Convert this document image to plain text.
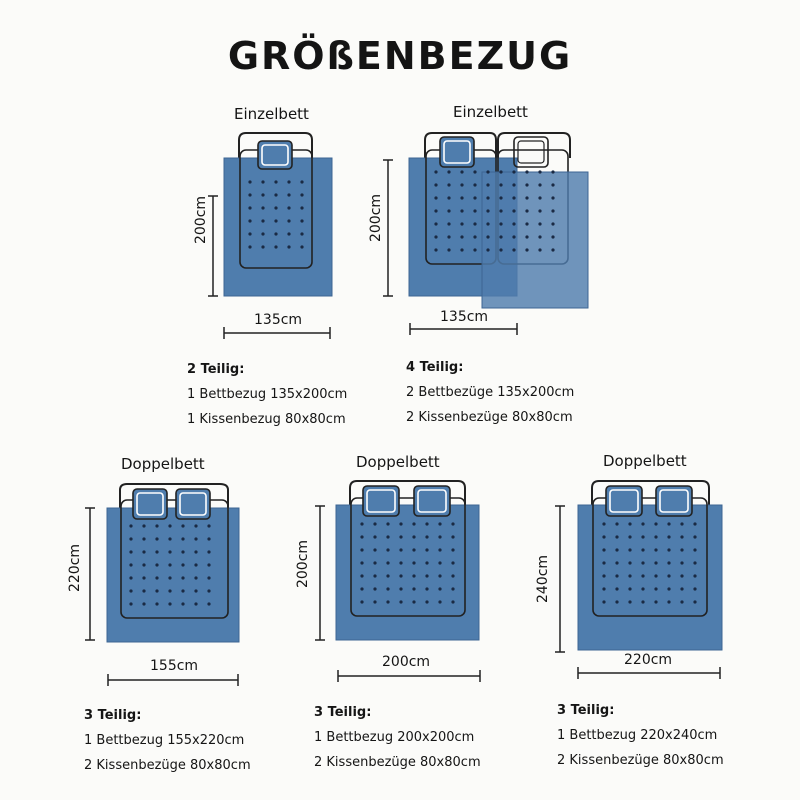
GRÖßENBEZUG
Einzelbett	Einzelbett
Doppelbett	Doppelbett	Doppelbett
200cm	200cm
220cm	200cm	240cm
135cm	135cm
155cm	200cm	220cm
2 Teilig:
1 Bettbezug 135x200cm
1 Kissenbezug 80x80cm
4 Teilig:
2 Bettbezüge 135x200cm
2 Kissenbezüge 80x80cm
3 Teilig:
1 Bettbezug 155x220cm
2 Kissenbezüge 80x80cm
3 Teilig:
1 Bettbezug 200x200cm
2 Kissenbezüge 80x80cm
3 Teilig:
1 Bettbezug 220x240cm
2 Kissenbezüge 80x80cm
